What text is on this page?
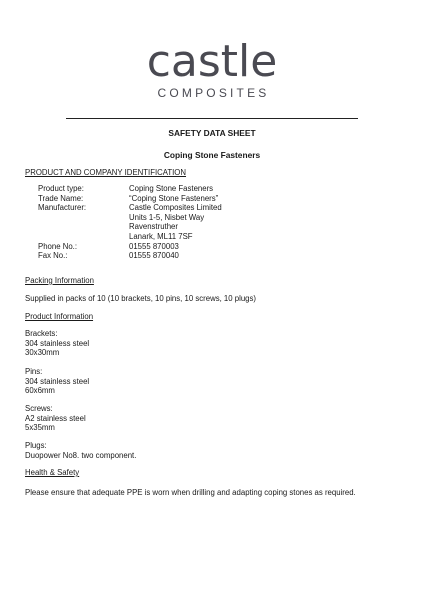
castle
COMPOSITES
SAFETY DATA SHEET
Coping Stone Fasteners
PRODUCT AND COMPANY IDENTIFICATION
Product type:	Coping Stone Fasteners
Trade Name:	“Coping Stone Fasteners”
Manufacturer:	Castle Composites Limited
Units 1-5, Nisbet Way
Ravenstruther
Lanark, ML11 7SF
Phone No.:	01555 870003
Fax No.:	01555 870040
Packing Information
Supplied in packs of 10 (10 brackets, 10 pins, 10 screws, 10 plugs)
Product Information
Brackets:
304 stainless steel
30x30mm
Pins:
304 stainless steel
60x6mm
Screws:
A2 stainless steel
5x35mm
Plugs:
Duopower No8. two component.
Health & Safety
Please ensure that adequate PPE is worn when drilling and adapting coping stones as required.
